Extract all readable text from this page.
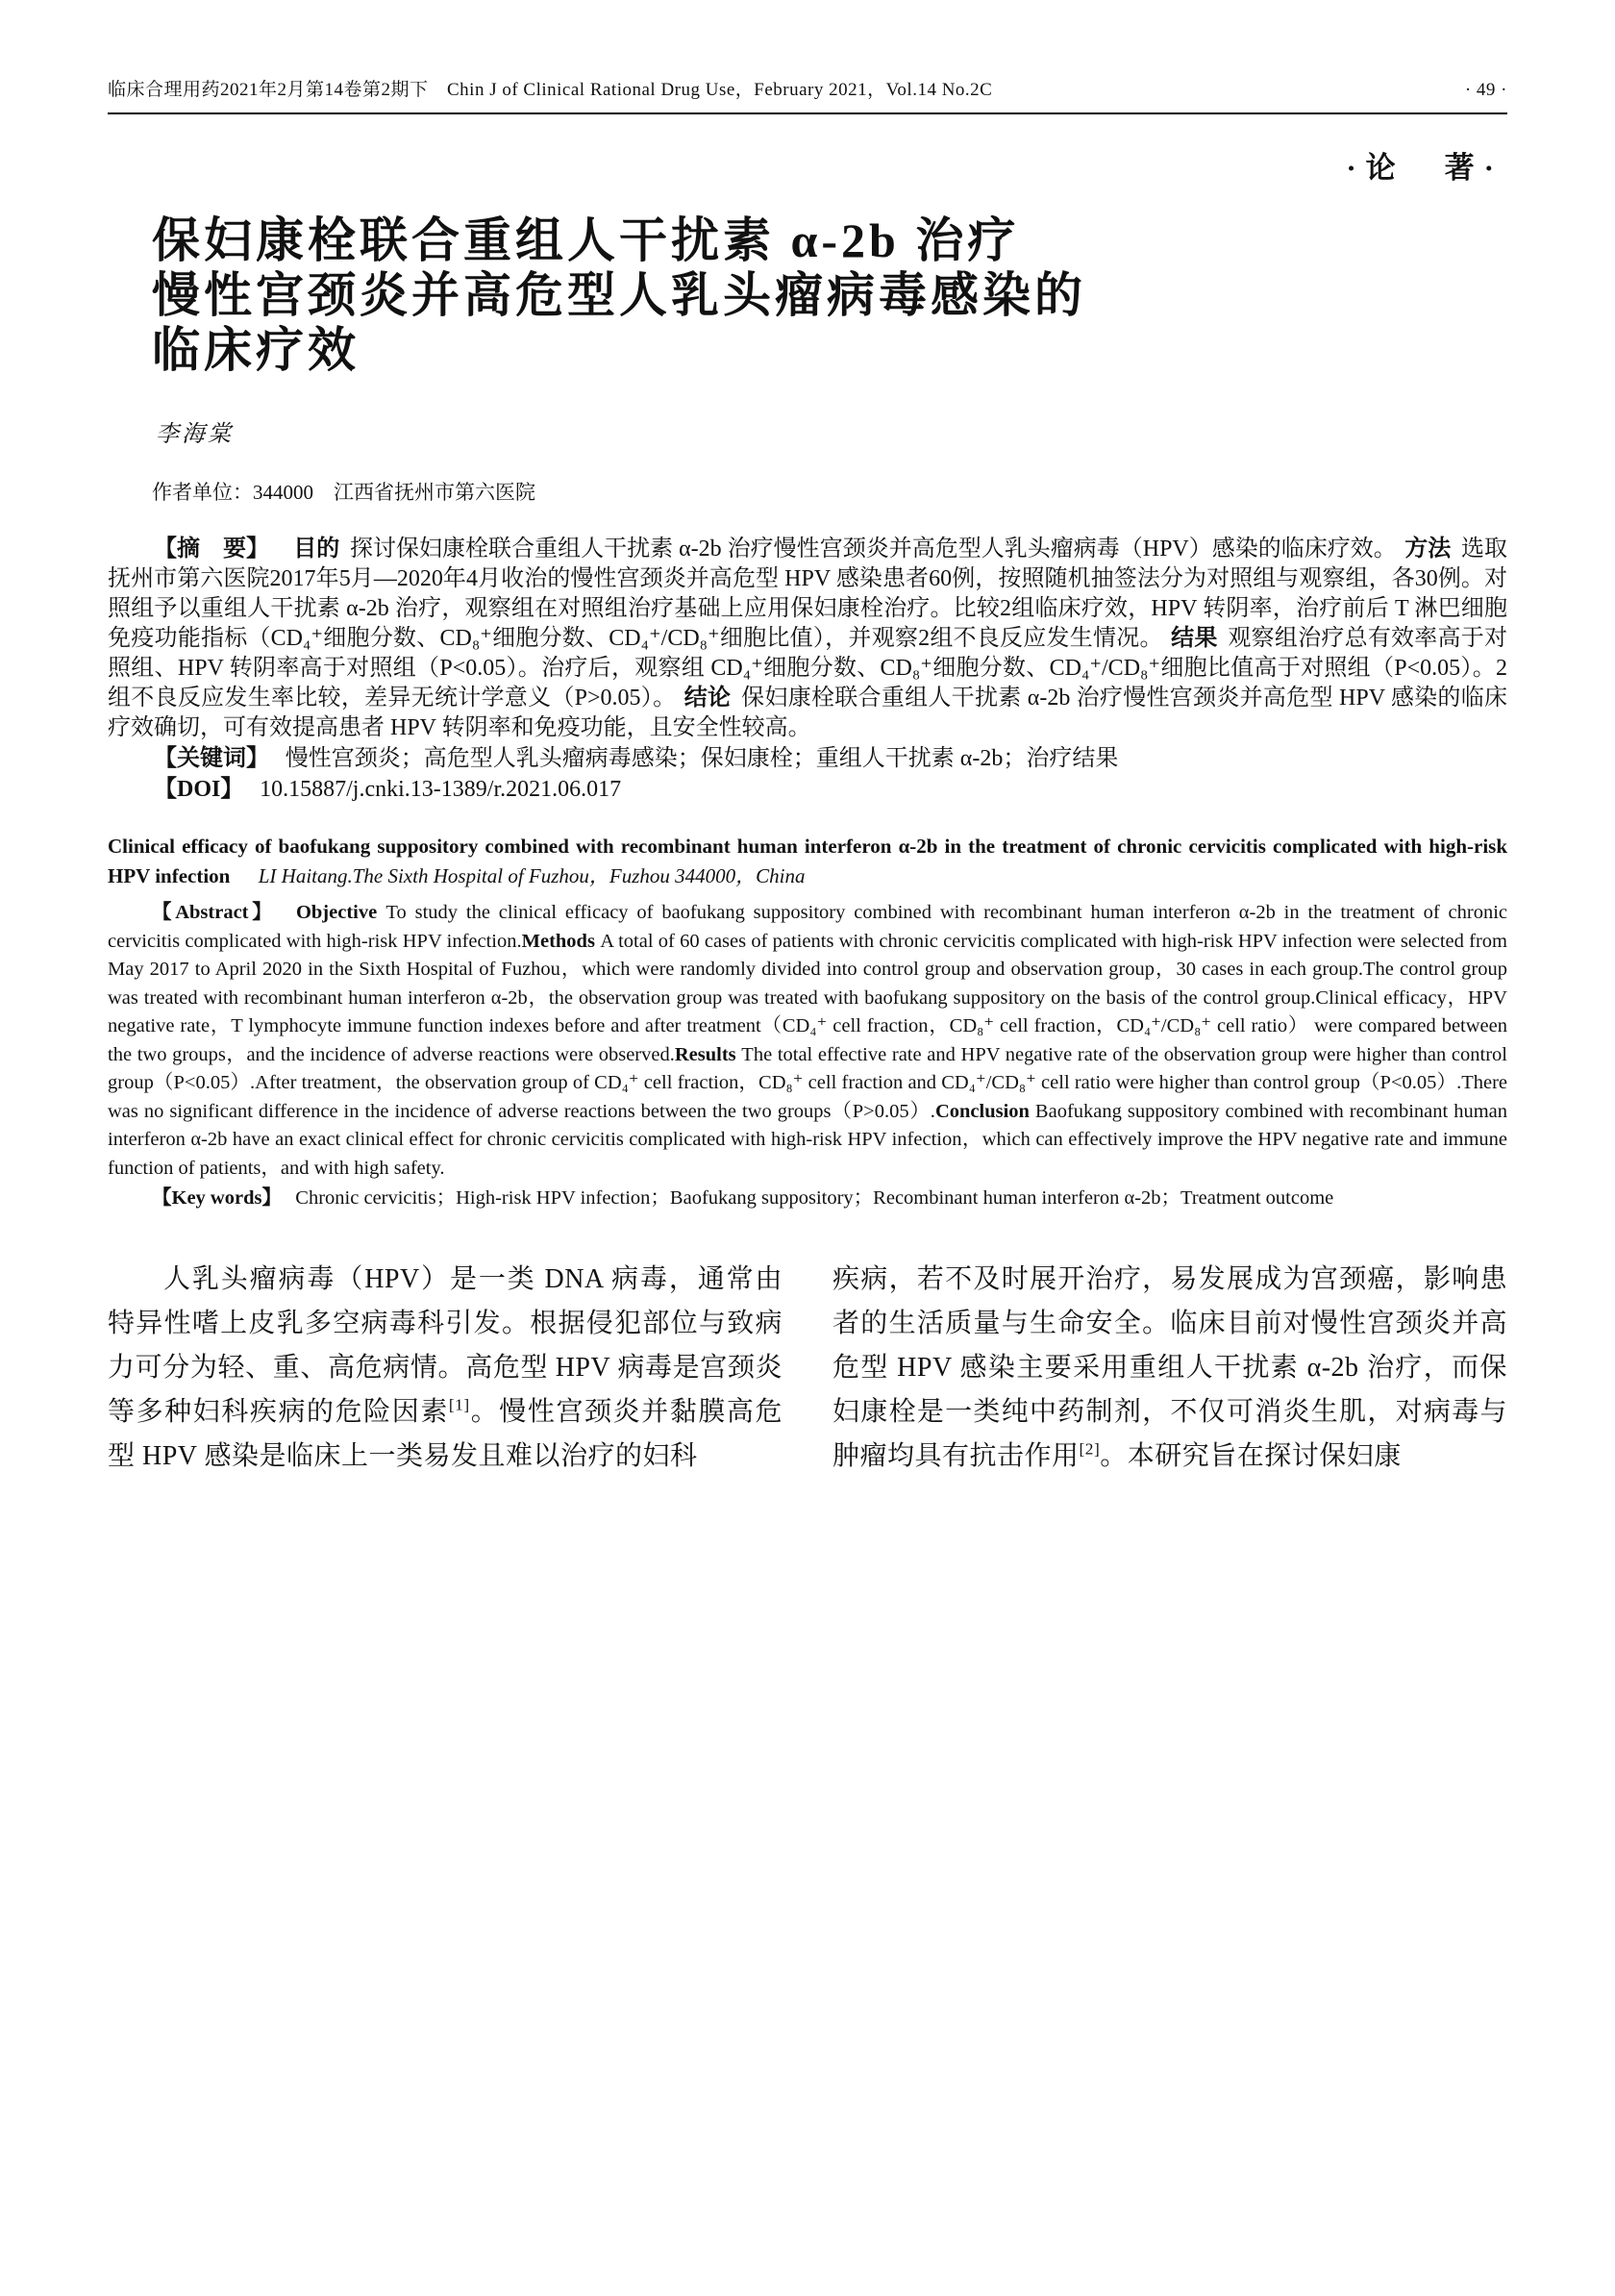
临床合理用药2021年2月第14卷第2期下　Chin J of Clinical Rational Drug Use，February 2021，Vol.14 No.2C	· 49 ·
·论　著·
保妇康栓联合重组人干扰素 α-2b 治疗
慢性宫颈炎并高危型人乳头瘤病毒感染的
临床疗效
李海棠
作者单位：344000　江西省抚州市第六医院

【摘　要】 目的 探讨保妇康栓联合重组人干扰素 α-2b 治疗慢性宫颈炎并高危型人乳头瘤病毒（HPV）感染的临床疗效。 方法 选取抚州市第六医院2017年5月—2020年4月收治的慢性宫颈炎并高危型 HPV 感染患者60例，按照随机抽签法分为对照组与观察组，各30例。对照组予以重组人干扰素 α-2b 治疗，观察组在对照组治疗基础上应用保妇康栓治疗。比较2组临床疗效，HPV 转阴率，治疗前后 T 淋巴细胞免疫功能指标（CD₄⁺细胞分数、CD₈⁺细胞分数、CD₄⁺/CD₈⁺细胞比值），并观察2组不良反应发生情况。 结果 观察组治疗总有效率高于对照组、HPV 转阴率高于对照组（P<0.05）。治疗后，观察组 CD₄⁺细胞分数、CD₈⁺细胞分数、CD₄⁺/CD₈⁺细胞比值高于对照组（P<0.05）。2组不良反应发生率比较，差异无统计学意义（P>0.05）。 结论 保妇康栓联合重组人干扰素 α-2b 治疗慢性宫颈炎并高危型 HPV 感染的临床疗效确切，可有效提高患者 HPV 转阴率和免疫功能，且安全性较高。

【关键词】 慢性宫颈炎；高危型人乳头瘤病毒感染；保妇康栓；重组人干扰素 α-2b；治疗结果

【DOI】 10.15887/j.cnki.13-1389/r.2021.06.017

Clinical efficacy of baofukang suppository combined with recombinant human interferon α-2b in the treatment of chronic cervicitis complicated with high-risk HPV infection LI Haitang.The Sixth Hospital of Fuzhou，Fuzhou 344000，China

【Abstract】 Objective To study the clinical efficacy of baofukang suppository combined with recombinant human interferon α-2b in the treatment of chronic cervicitis complicated with high-risk HPV infection.Methods A total of 60 cases of patients with chronic cervicitis complicated with high-risk HPV infection were selected from May 2017 to April 2020 in the Sixth Hospital of Fuzhou，which were randomly divided into control group and observation group，30 cases in each group.The control group was treated with recombinant human interferon α-2b，the observation group was treated with baofukang suppository on the basis of the control group.Clinical efficacy，HPV negative rate，T lymphocyte immune function indexes before and after treatment（CD₄⁺ cell fraction，CD₈⁺ cell fraction，CD₄⁺/CD₈⁺ cell ratio） were compared between the two groups，and the incidence of adverse reactions were observed.Results The total effective rate and HPV negative rate of the observation group were higher than control group（P<0.05）.After treatment，the observation group of CD₄⁺ cell fraction，CD₈⁺ cell fraction and CD₄⁺/CD₈⁺ cell ratio were higher than control group（P<0.05）.There was no significant difference in the incidence of adverse reactions between the two groups（P>0.05）.Conclusion Baofukang suppository combined with recombinant human interferon α-2b have an exact clinical effect for chronic cervicitis complicated with high-risk HPV infection，which can effectively improve the HPV negative rate and immune function of patients，and with high safety.

【Key words】 Chronic cervicitis；High-risk HPV infection；Baofukang suppository；Recombinant human interferon α-2b；Treatment outcome

人乳头瘤病毒（HPV）是一类 DNA 病毒，通常由特异性嗜上皮乳多空病毒科引发。根据侵犯部位与致病力可分为轻、重、高危病情。高危型 HPV 病毒是宫颈炎等多种妇科疾病的危险因素[1]。慢性宫颈炎并黏膜高危型 HPV 感染是临床上一类易发且难以治疗的妇科

疾病，若不及时展开治疗，易发展成为宫颈癌，影响患者的生活质量与生命安全。临床目前对慢性宫颈炎并高危型 HPV 感染主要采用重组人干扰素 α-2b 治疗，而保妇康栓是一类纯中药制剂，不仅可消炎生肌，对病毒与肿瘤均具有抗击作用[2]。本研究旨在探讨保妇康
